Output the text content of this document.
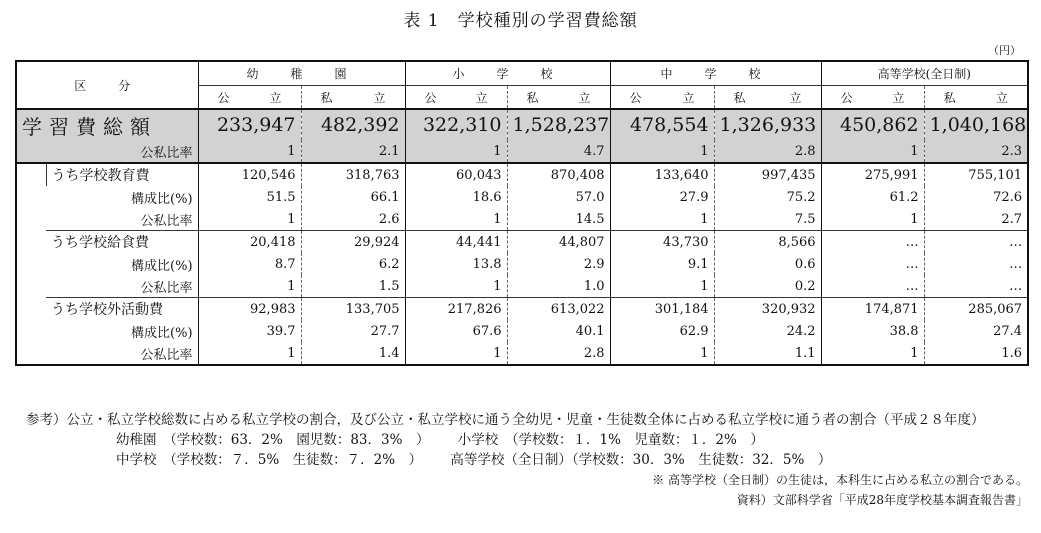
表 1　学校種別の学習費総額
（円）
区　分		幼　稚　園		小　学　校		中　学　校		高等学校(全日制)	

		公立	私立	公立	私立	公立	私立	公立	私立

学習費総額		233,947	482,392	322,310	1,528,237	478,554	1,326,933	450,862	1,040,168
	公私比率	1	2.1	1	4.7	1	2.8	1	2.3
	うち学校教育費	120,546	318,763	60,043	870,408	133,640	997,435	275,991	755,101
	構成比(%)	51.5	66.1	18.6	57.0	27.9	75.2	61.2	72.6
	公私比率	1	2.6	1	14.5	1	7.5	1	2.7
	うち学校給食費	20,418	29,924	44,441	44,807	43,730	8,566	…	…
	構成比(%)	8.7	6.2	13.8	2.9	9.1	0.6	…	…
	公私比率	1	1.5	1	1.0	1	0.2	…	…
	うち学校外活動費	92,983	133,705	217,826	613,022	301,184	320,932	174,871	285,067
	構成比(%)	39.7	27.7	67.6	40.1	62.9	24.2	38.8	27.4
	公私比率	1	1.4	1	2.8	1	1.1	1	1.6
参考）公立・私立学校総数に占める私立学校の割合，及び公立・私立学校に通う全幼児・児童・生徒数全体に占める私立学校に通う者の割合（平成２８年度）
幼稚園　（学校数：63．2%　園児数：83．3%　） 小学校　（学校数：１．1%　児童数：１．2%　）
中学校　（学校数：７．5%　生徒数：７．2%　） 高等学校（全日制）（学校数：30．3%　生徒数：32．5%　）
※ 高等学校（全日制）の生徒は，本科生に占める私立の割合である。
資料）文部科学省「平成28年度学校基本調査報告書」
